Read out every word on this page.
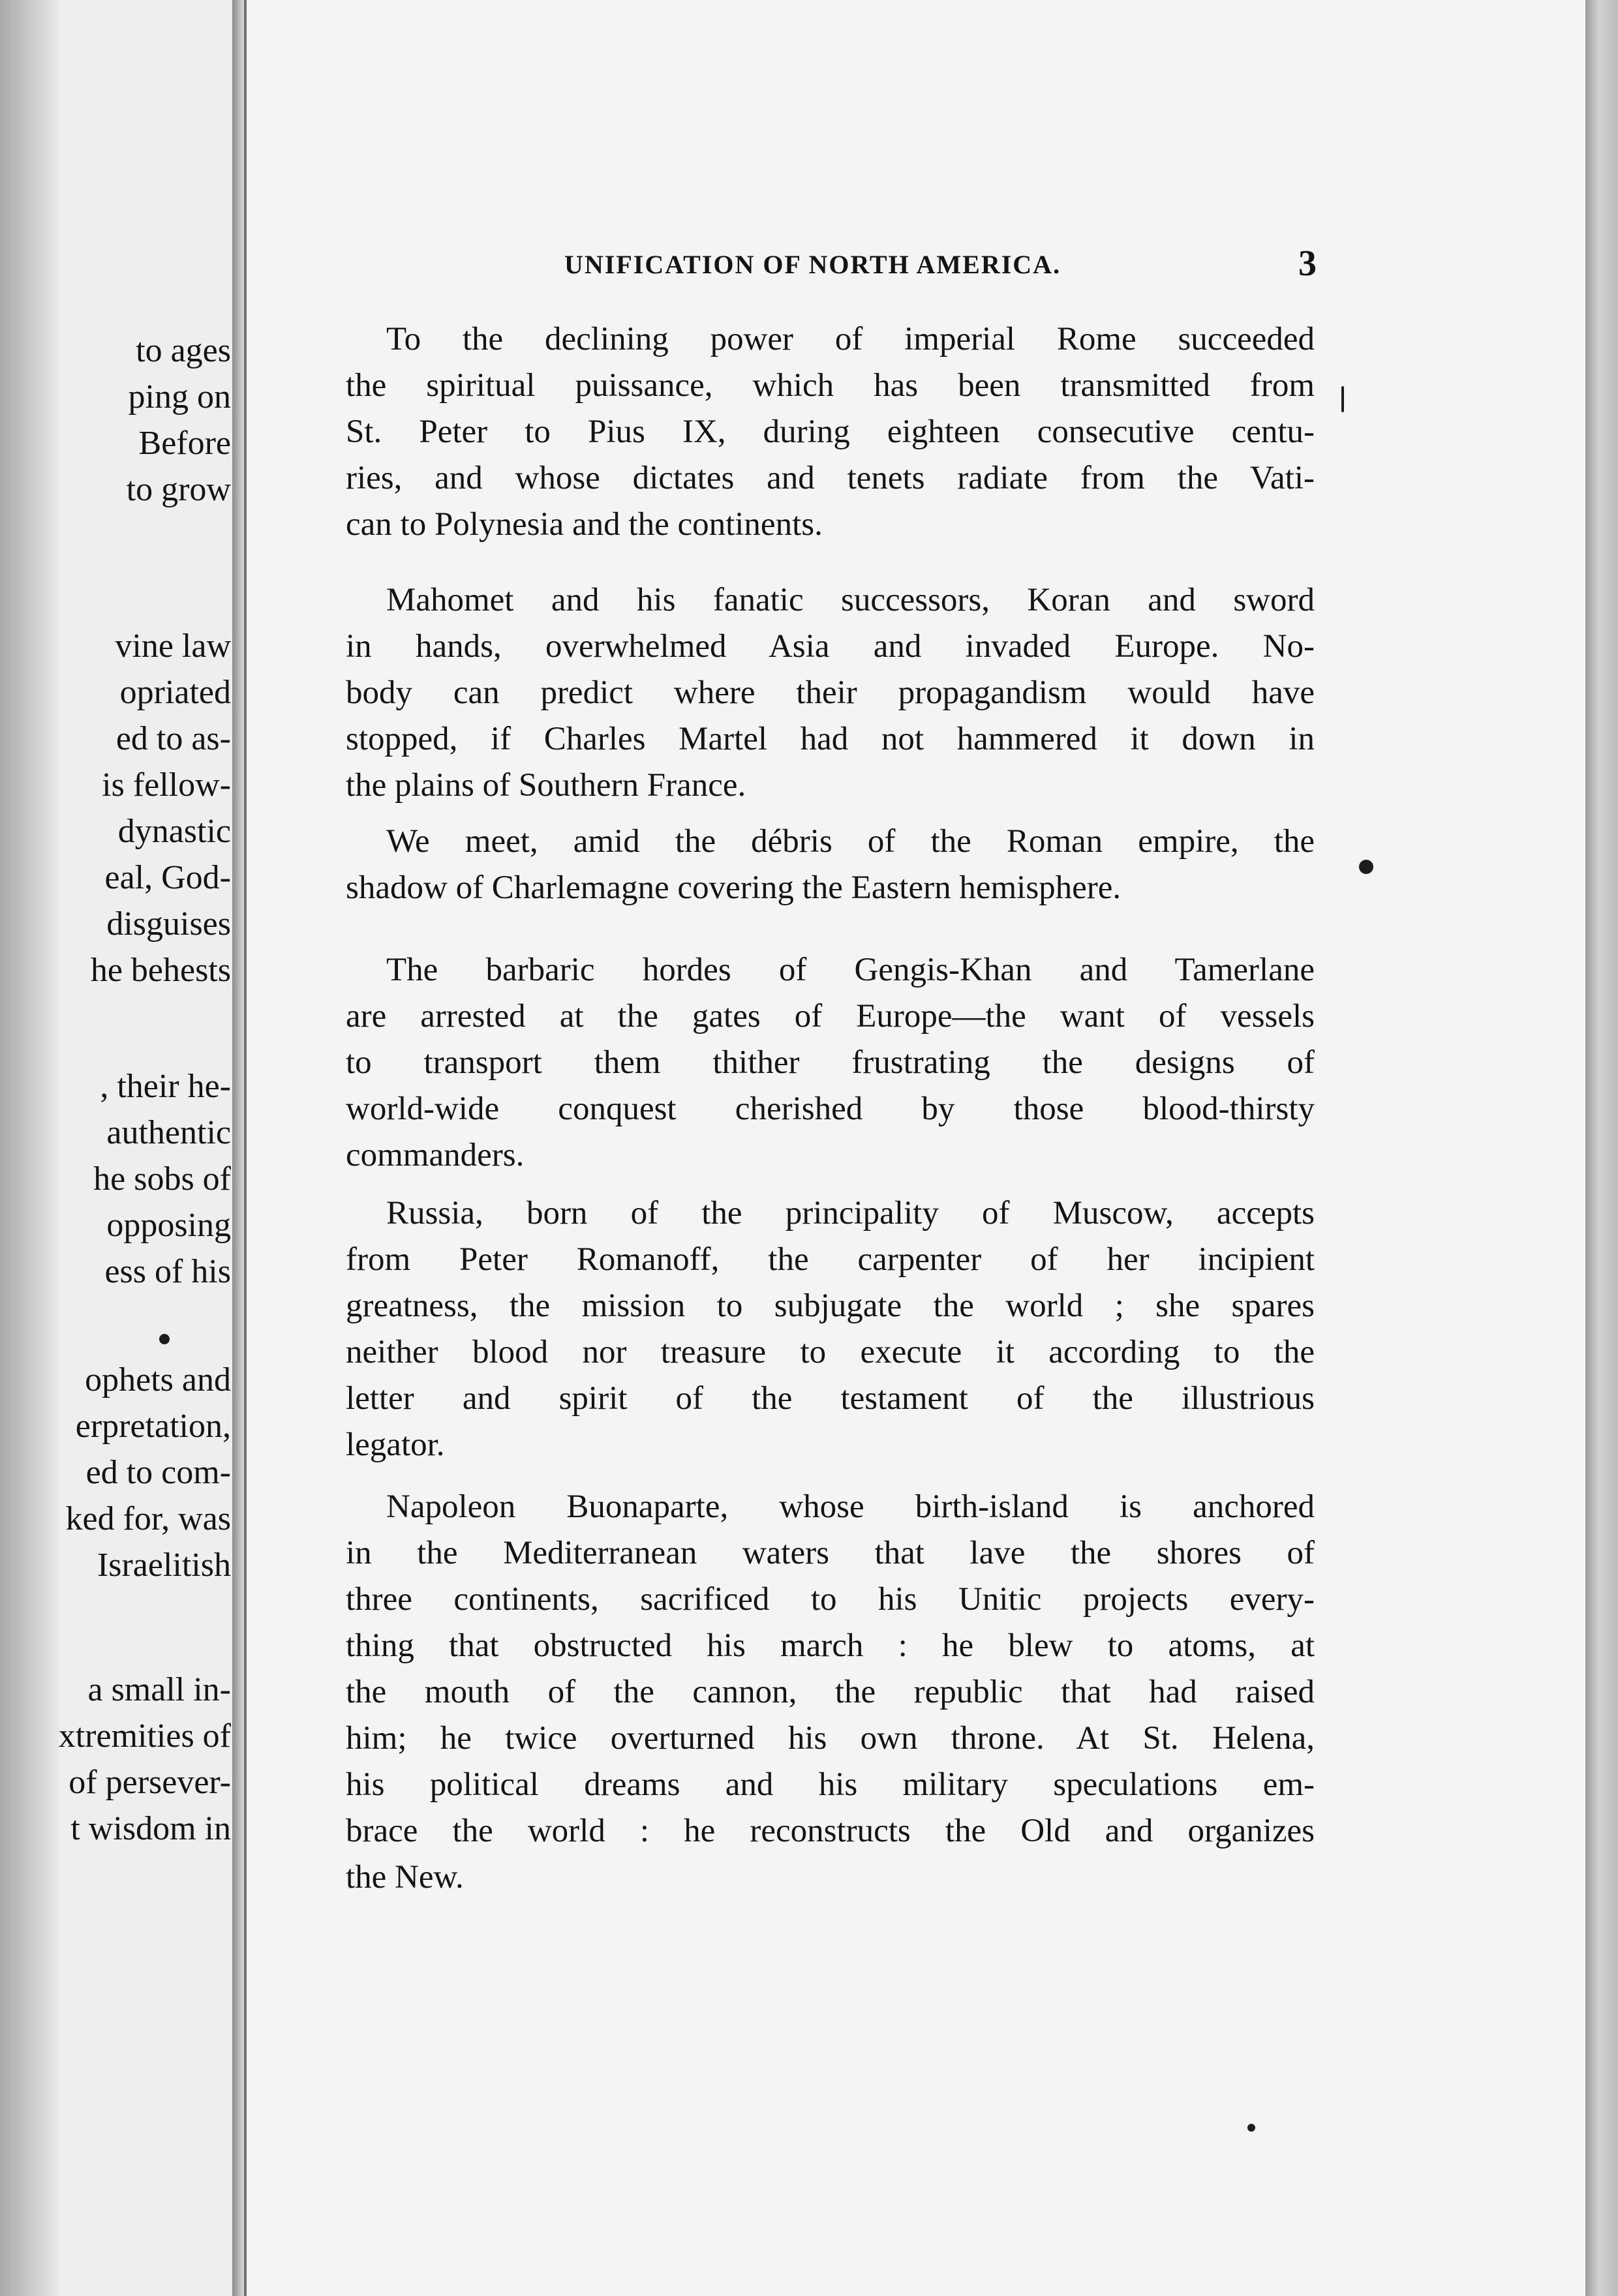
to ages
ping on
Before
to grow
vine law
opriated
ed to as-
is fellow-
dynastic
eal, God-
disguises
he behests
, their he-
authentic
he sobs of
opposing
ess of his
ophets and
erpretation,
ed to com-
ked for, was
Israelitish
a small in-
xtremities of
of persever-
t wisdom in
UNIFICATION OF NORTH AMERICA.	3
To the declining power of imperial Rome succeeded
the spiritual puissance, which has been transmitted from
St. Peter to Pius IX, during eighteen consecutive centu-
ries, and whose dictates and tenets radiate from the Vati-
can to Polynesia and the continents.
Mahomet and his fanatic successors, Koran and sword
in hands, overwhelmed Asia and invaded Europe. No-
body can predict where their propagandism would have
stopped, if Charles Martel had not hammered it down in
the plains of Southern France.
We meet, amid the débris of the Roman empire, the
shadow of Charlemagne covering the Eastern hemisphere.
The barbaric hordes of Gengis-Khan and Tamerlane
are arrested at the gates of Europe—the want of vessels
to transport them thither frustrating the designs of
world-wide conquest cherished by those blood-thirsty
commanders.
Russia, born of the principality of Muscow, accepts
from Peter Romanoff, the carpenter of her incipient
greatness, the mission to subjugate the world ; she spares
neither blood nor treasure to execute it according to the
letter and spirit of the testament of the illustrious
legator.
Napoleon Buonaparte, whose birth-island is anchored
in the Mediterranean waters that lave the shores of
three continents, sacrificed to his Unitic projects every-
thing that obstructed his march : he blew to atoms, at
the mouth of the cannon, the republic that had raised
him; he twice overturned his own throne. At St. Helena,
his political dreams and his military speculations em-
brace the world : he reconstructs the Old and organizes
the New.
